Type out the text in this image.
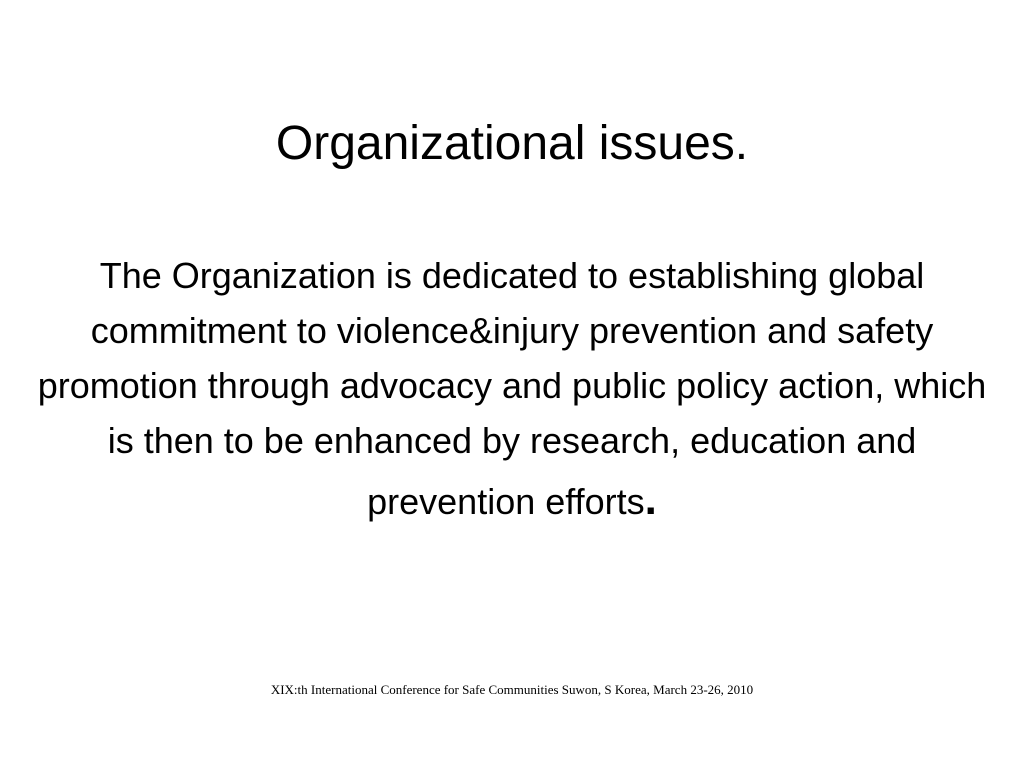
Organizational issues.

The Organization is dedicated to establishing global commitment to violence&injury prevention and safety promotion through advocacy and public policy action, which is then to be enhanced by research, education and
prevention efforts.

XIX:th International Conference for Safe Communities Suwon, S Korea, March 23-26, 2010
